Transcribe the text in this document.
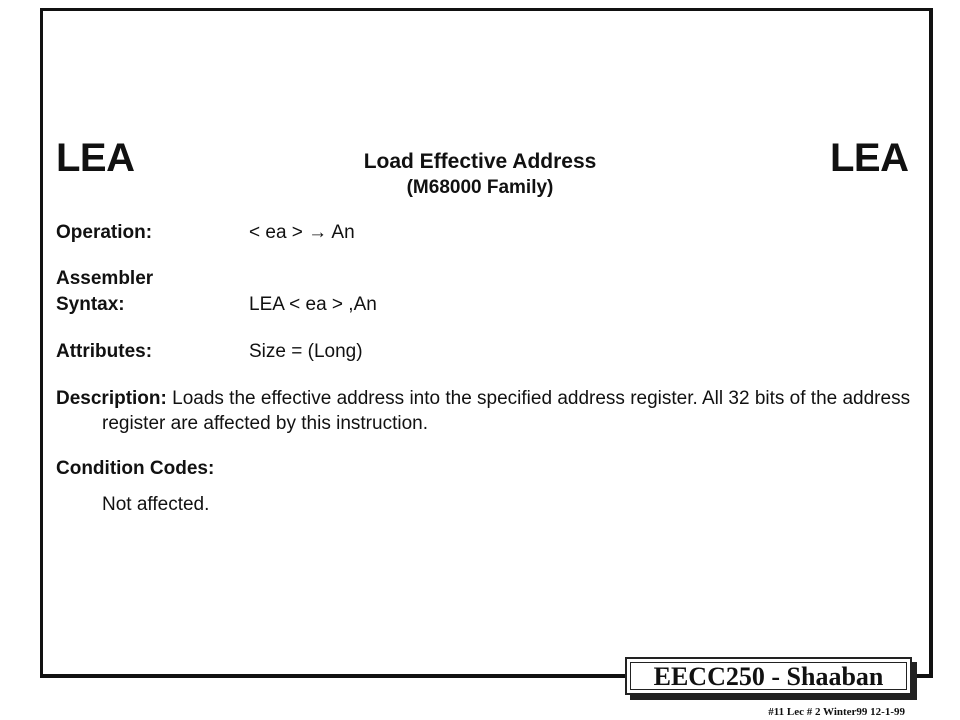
LEA	LEA
Load Effective Address
(M68000 Family)
Operation:	< ea > → An
Assembler
Syntax:	LEA < ea > ,An
Attributes:	Size = (Long)
Description: Loads the effective address into the specified address register. All 32 bits of the address register are affected by this instruction.
Condition Codes:
Not affected.
EECC250 - Shaaban
#11 Lec # 2 Winter99 12-1-99
